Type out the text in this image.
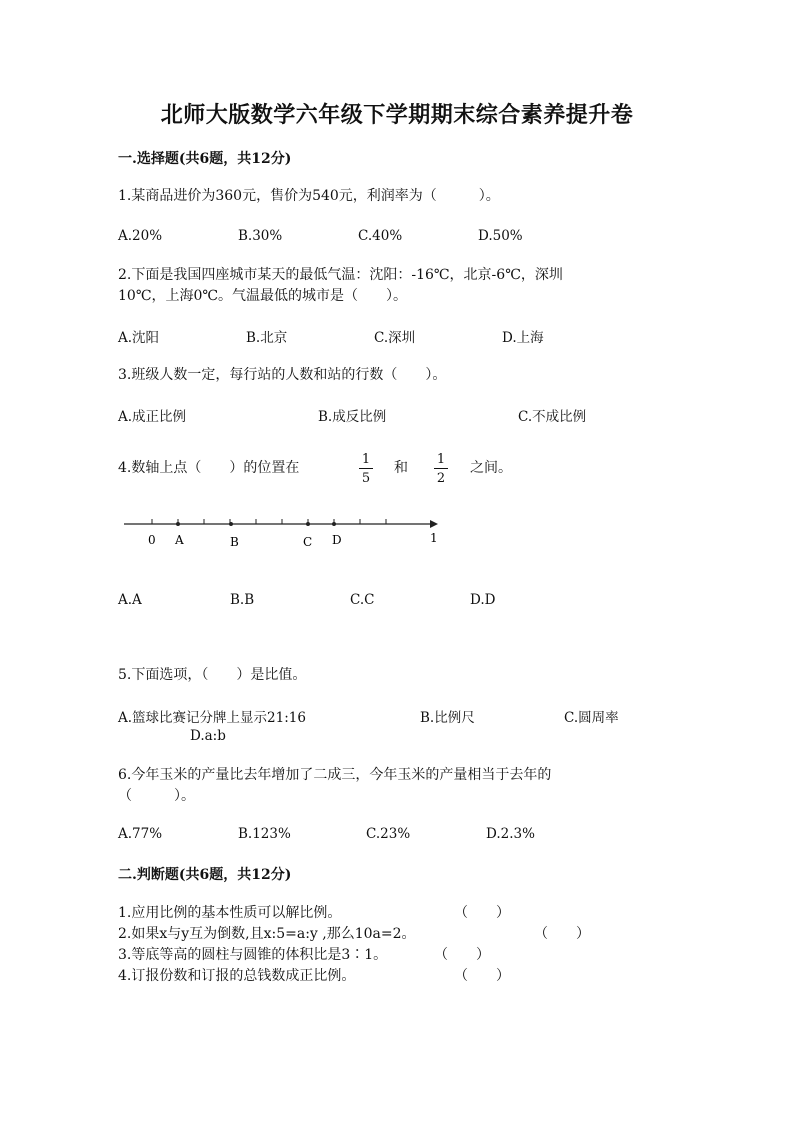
北师大版数学六年级下学期期末综合素养提升卷
一.选择题(共6题，共12分)
1.某商品进价为360元，售价为540元，利润率为（　　　）。
A.20%	B.30%	C.40%	D.50%
2.下面是我国四座城市某天的最低气温：沈阳：-16℃，北京-6℃，深圳
10℃，上海0℃。气温最低的城市是（　　）。
A.沈阳	B.北京	C.深圳	D.上海
3.班级人数一定，每行站的人数和站的行数（　　）。
A.成正比例	B.成反比例	C.不成比例
4.数轴上点（　　）的位置在
1
5
和
1
2
之间。
0 A	B	C D	1
A.A	B.B	C.C	D.D
5.下面选项，（　　）是比值。
A.篮球比赛记分牌上显示21:16	B.比例尺	C.圆周率
D.a:b
6.今年玉米的产量比去年增加了二成三，今年玉米的产量相当于去年的
（　　　）。
A.77%	B.123%	C.23%	D.2.3%
二.判断题(共6题，共12分)
1.应用比例的基本性质可以解比例。	（　　）
2.如果x与y互为倒数,且x:5=a:y ,那么10a=2。	（　　）
3.等底等高的圆柱与圆锥的体积比是3∶1。	（　　）
4.订报份数和订报的总钱数成正比例。	（　　）
